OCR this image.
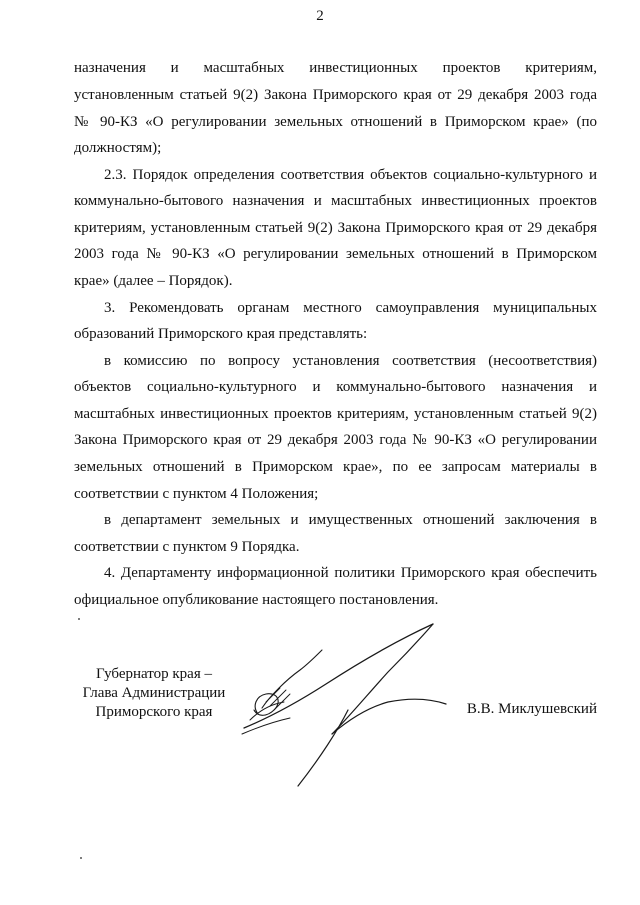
2
назначения и масштабных инвестиционных проектов критериям,
установленным статьей 9(2) Закона Приморского края от 29 декабря 2003 года
№ 90-КЗ «О регулировании земельных отношений в Приморском крае» (по
должностям);
2.3. Порядок определения соответствия объектов социально-культурного и
коммунально-бытового назначения и масштабных инвестиционных проектов
критериям, установленным статьей 9(2) Закона Приморского края от 29 декабря
2003 года № 90-КЗ «О регулировании земельных отношений в Приморском
крае» (далее – Порядок).
3. Рекомендовать органам местного самоуправления муниципальных
образований Приморского края представлять:
в комиссию по вопросу установления соответствия (несоответствия)
объектов социально-культурного и коммунально-бытового назначения и
масштабных инвестиционных проектов критериям, установленным статьей 9(2)
Закона Приморского края от 29 декабря 2003 года № 90-КЗ «О регулировании
земельных отношений в Приморском крае», по ее запросам материалы в
соответствии с пунктом 4 Положения;
в департамент земельных и имущественных отношений заключения в
соответствии с пунктом 9 Порядка.
4. Департаменту информационной политики Приморского края обеспечить
официальное опубликование настоящего постановления.
Губернатор края –
Глава Администрации
Приморского края	В.В. Миклушевский
